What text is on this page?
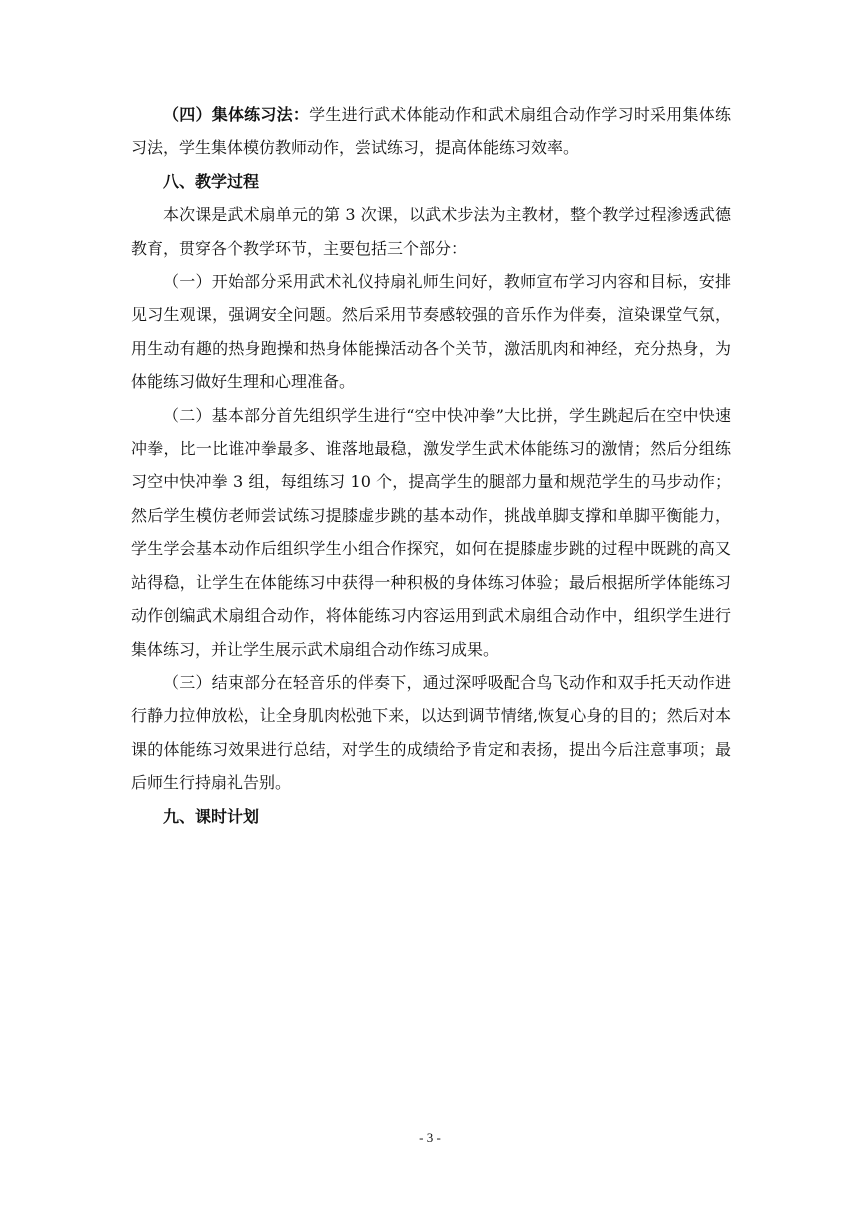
（四）集体练习法：学生进行武术体能动作和武术扇组合动作学习时采用集体练习法，学生集体模仿教师动作，尝试练习，提高体能练习效率。

八、教学过程

本次课是武术扇单元的第 3 次课，以武术步法为主教材，整个教学过程渗透武德教育，贯穿各个教学环节，主要包括三个部分：

（一）开始部分采用武术礼仪持扇礼师生问好，教师宣布学习内容和目标，安排见习生观课，强调安全问题。然后采用节奏感较强的音乐作为伴奏，渲染课堂气氛，用生动有趣的热身跑操和热身体能操活动各个关节，激活肌肉和神经，充分热身，为体能练习做好生理和心理准备。

（二）基本部分首先组织学生进行“空中快冲拳”大比拼，学生跳起后在空中快速冲拳，比一比谁冲拳最多、谁落地最稳，激发学生武术体能练习的激情；然后分组练习空中快冲拳 3 组，每组练习 10 个，提高学生的腿部力量和规范学生的马步动作；然后学生模仿老师尝试练习提膝虚步跳的基本动作，挑战单脚支撑和单脚平衡能力，学生学会基本动作后组织学生小组合作探究，如何在提膝虚步跳的过程中既跳的高又站得稳，让学生在体能练习中获得一种积极的身体练习体验；最后根据所学体能练习动作创编武术扇组合动作，将体能练习内容运用到武术扇组合动作中，组织学生进行集体练习，并让学生展示武术扇组合动作练习成果。

（三）结束部分在轻音乐的伴奏下，通过深呼吸配合鸟飞动作和双手托天动作进行静力拉伸放松，让全身肌肉松弛下来，以达到调节情绪,恢复心身的目的；然后对本课的体能练习效果进行总结，对学生的成绩给予肯定和表扬，提出今后注意事项；最后师生行持扇礼告别。

九、课时计划

- 3 -
